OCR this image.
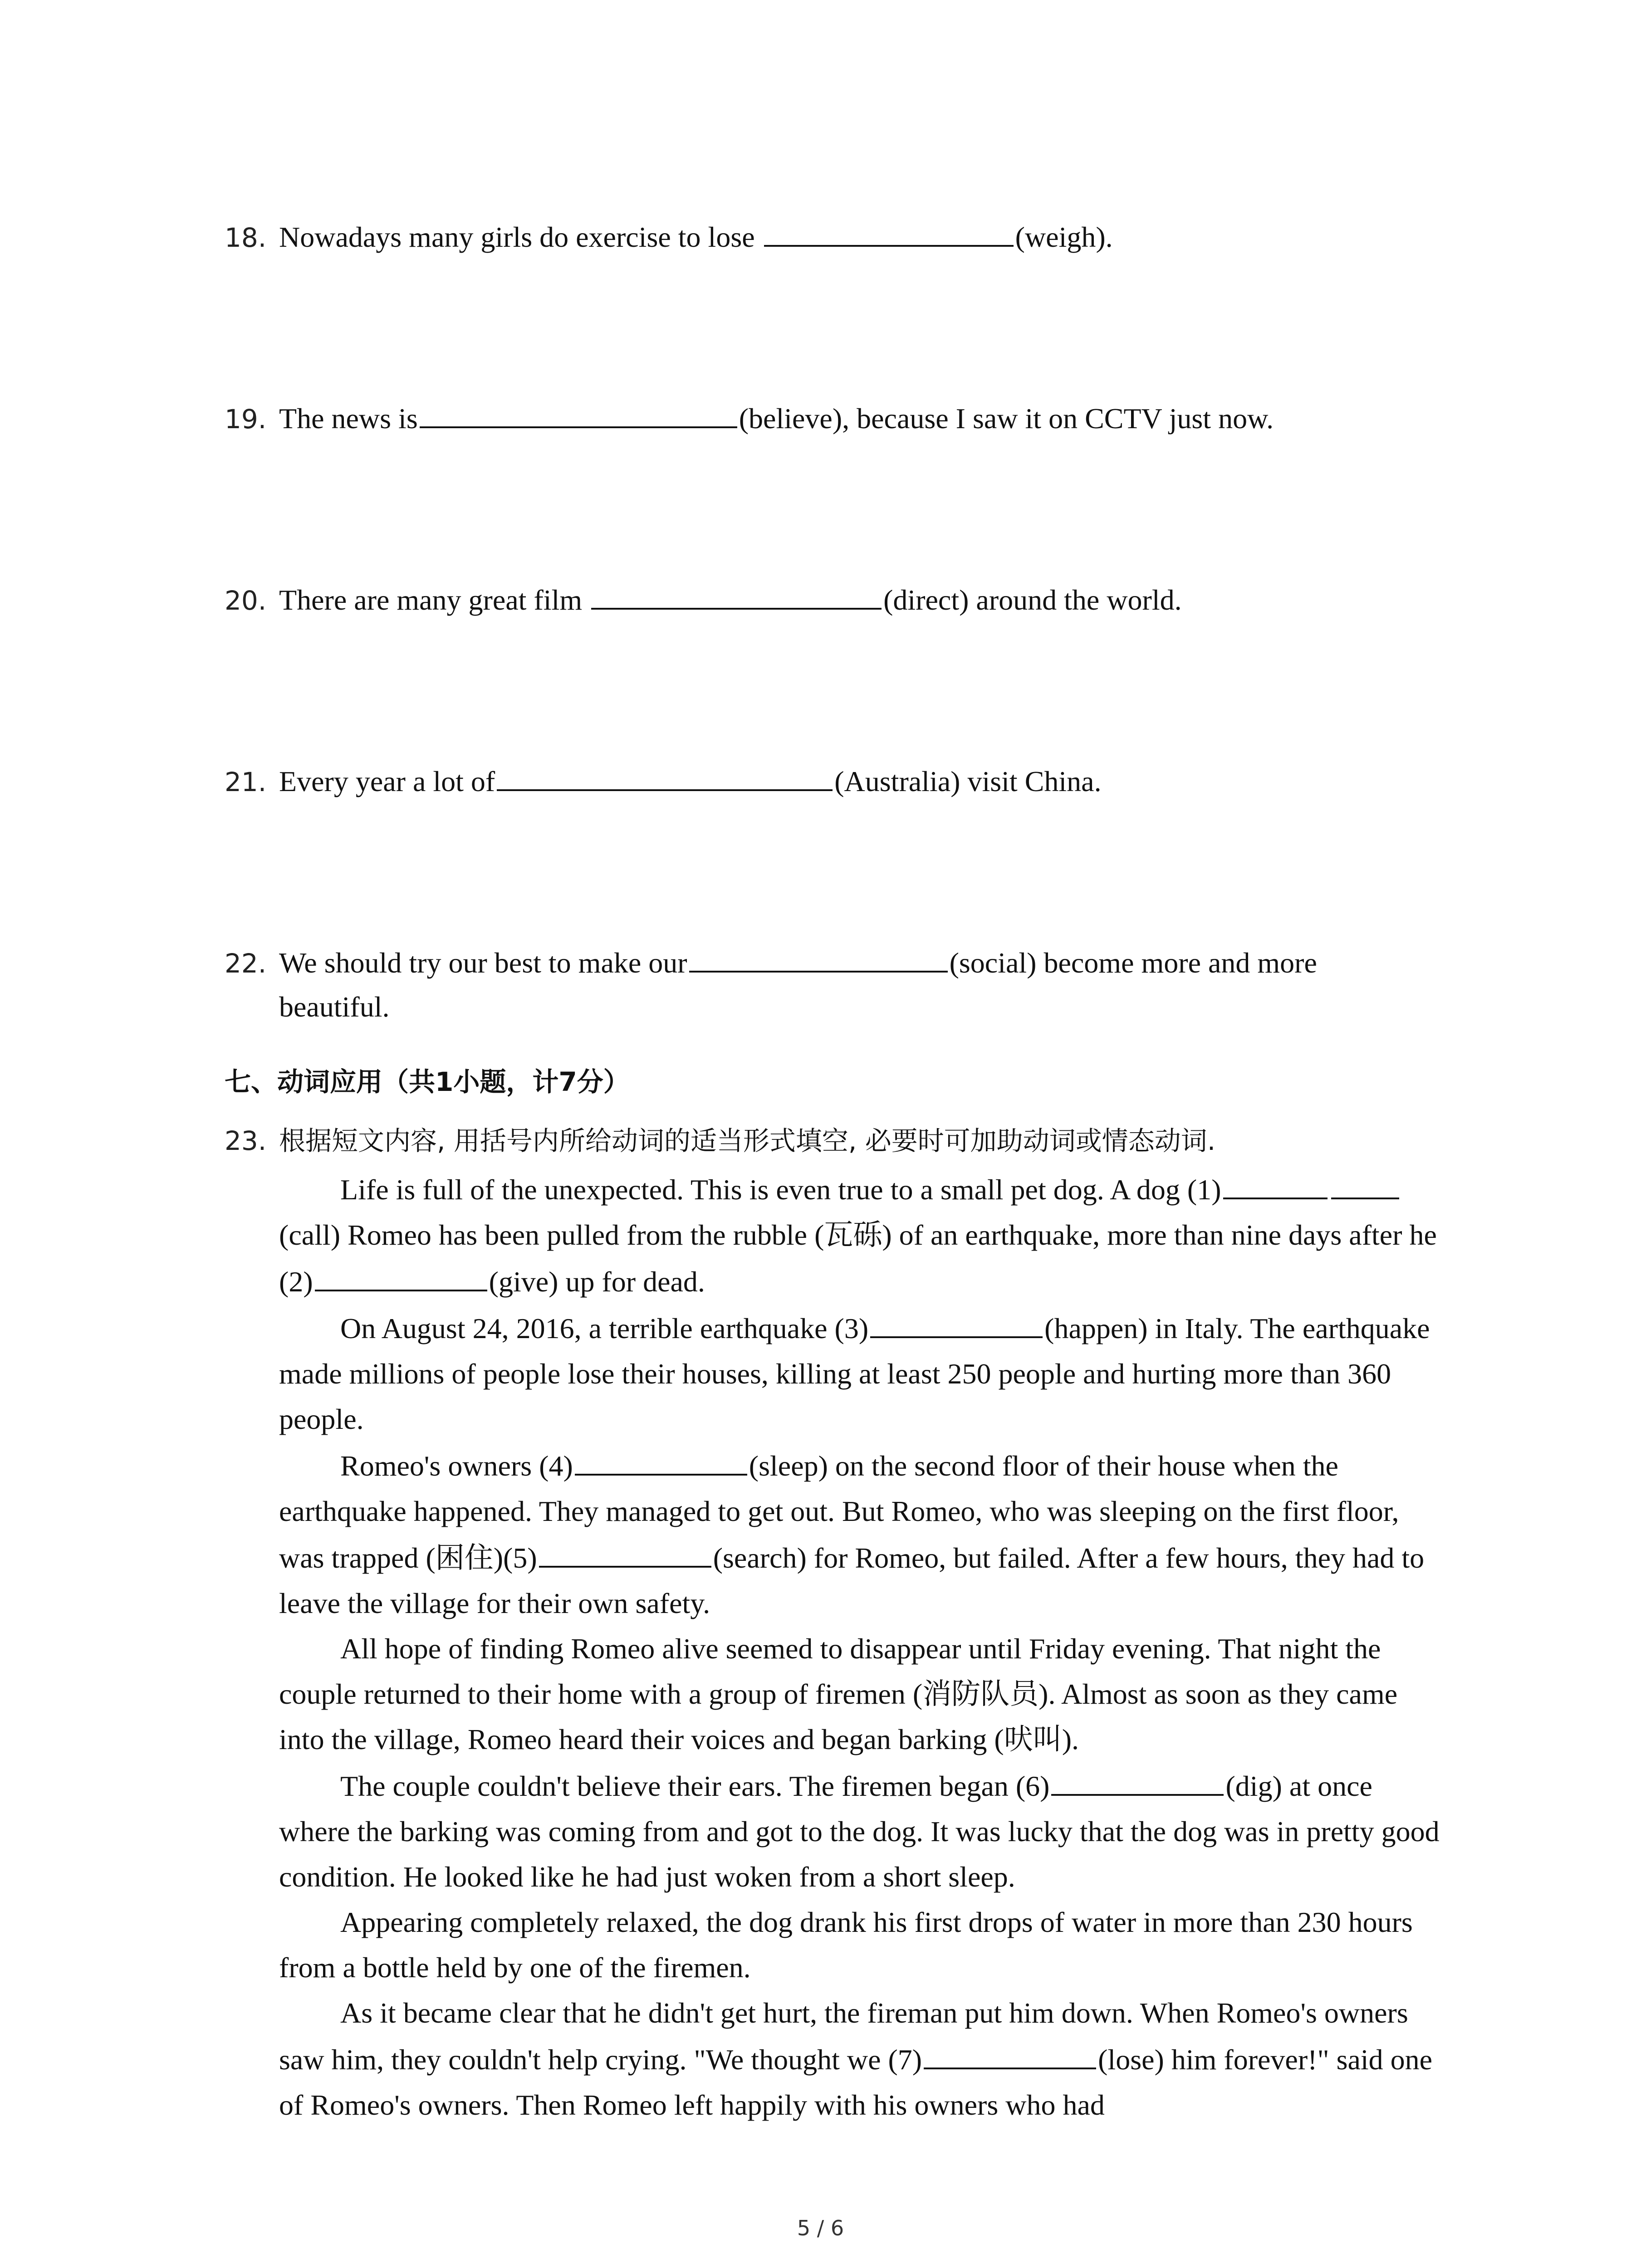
18. Nowadays many girls do exercise to lose	(weigh).
19. The news is	(believe), because I saw it on CCTV just now.
20. There are many great film	(direct) around the world.
21. Every year a lot of	(Australia) visit China.
22. We should try our best to make our	(social) become more and more
beautiful.
七、动词应用（共1小题，计7分）
23. 根据短文内容, 用括号内所给动词的适当形式填空, 必要时可加助动词或情态动词.

Life is full of the unexpected. This is even true to a small pet dog. A dog (1)(call) Romeo has been pulled from the rubble (瓦砾) of an earthquake, more than nine days after he (2)	(give) up for dead.

On August 24, 2016, a terrible earthquake (3)	(happen) in Italy. The earthquake made millions of people lose their houses, killing at least 250 people and hurting more than 360 people.

Romeo's owners (4)	(sleep) on the second floor of their house when the earthquake happened. They managed to get out. But Romeo, who was sleeping on the first floor, was trapped (困住)(5)	(search) for Romeo, but failed. After a few hours, they had to leave the village for their own safety.

All hope of finding Romeo alive seemed to disappear until Friday evening. That night the couple returned to their home with a group of firemen (消防队员). Almost as soon as they came into the village, Romeo heard their voices and began barking (吠叫).

The couple couldn't believe their ears. The firemen began (6)	(dig) at once where the barking was coming from and got to the dog. It was lucky that the dog was in pretty good condition. He looked like he had just woken from a short sleep.

Appearing completely relaxed, the dog drank his first drops of water in more than 230 hours from a bottle held by one of the firemen.

As it became clear that he didn't get hurt, the fireman put him down. When Romeo's owners saw him, they couldn't help crying. "We thought we (7)	(lose) him forever!" said one of Romeo's owners. Then Romeo left happily with his owners who had

5 / 6
